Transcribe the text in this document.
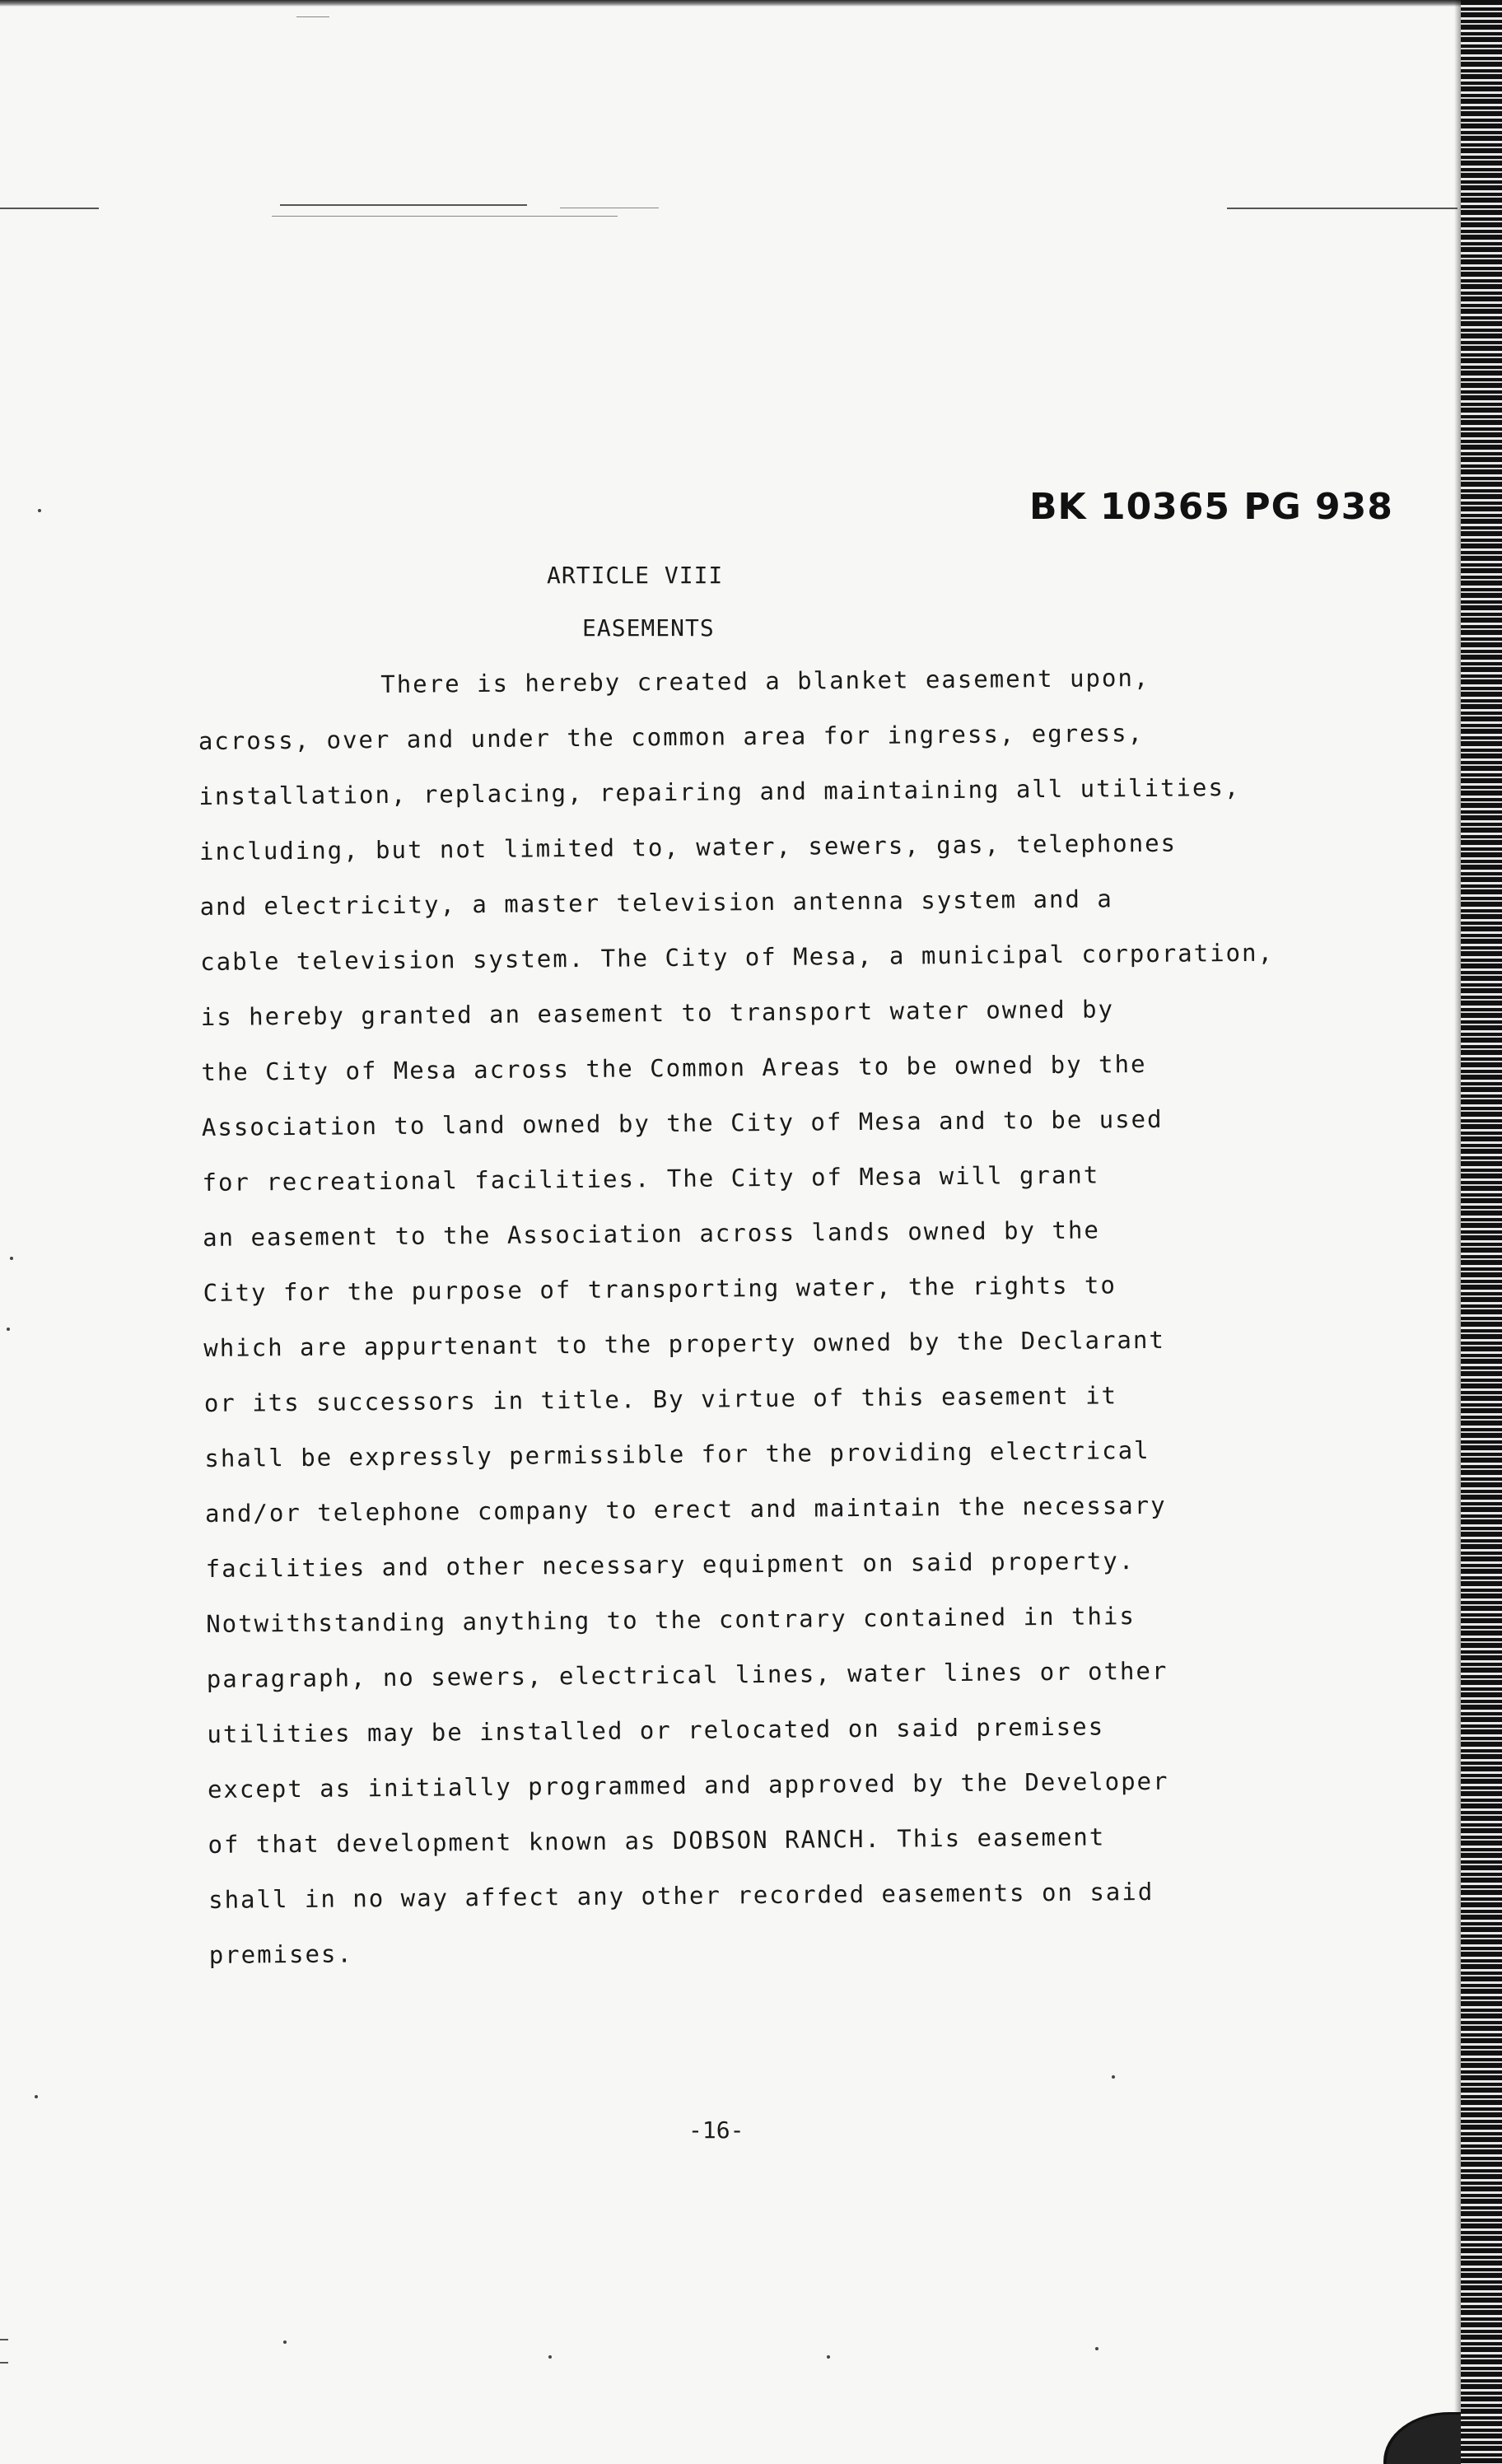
BK 10365 PG 938
ARTICLE VIII
EASEMENTS
There is hereby created a blanket easement upon,
across, over and under the common area for ingress, egress,
installation, replacing, repairing and maintaining all utilities,
including, but not limited to, water, sewers, gas, telephones
and electricity, a master television antenna system and a
cable television system. The City of Mesa, a municipal corporation,
is hereby granted an easement to transport water owned by
the City of Mesa across the Common Areas to be owned by the
Association to land owned by the City of Mesa and to be used
for recreational facilities. The City of Mesa will grant
an easement to the Association across lands owned by the
City for the purpose of transporting water, the rights to
which are appurtenant to the property owned by the Declarant
or its successors in title. By virtue of this easement it
shall be expressly permissible for the providing electrical
and/or telephone company to erect and maintain the necessary
facilities and other necessary equipment on said property.
Notwithstanding anything to the contrary contained in this
paragraph, no sewers, electrical lines, water lines or other
utilities may be installed or relocated on said premises
except as initially programmed and approved by the Developer
of that development known as DOBSON RANCH. This easement
shall in no way affect any other recorded easements on said
premises.
-16-
